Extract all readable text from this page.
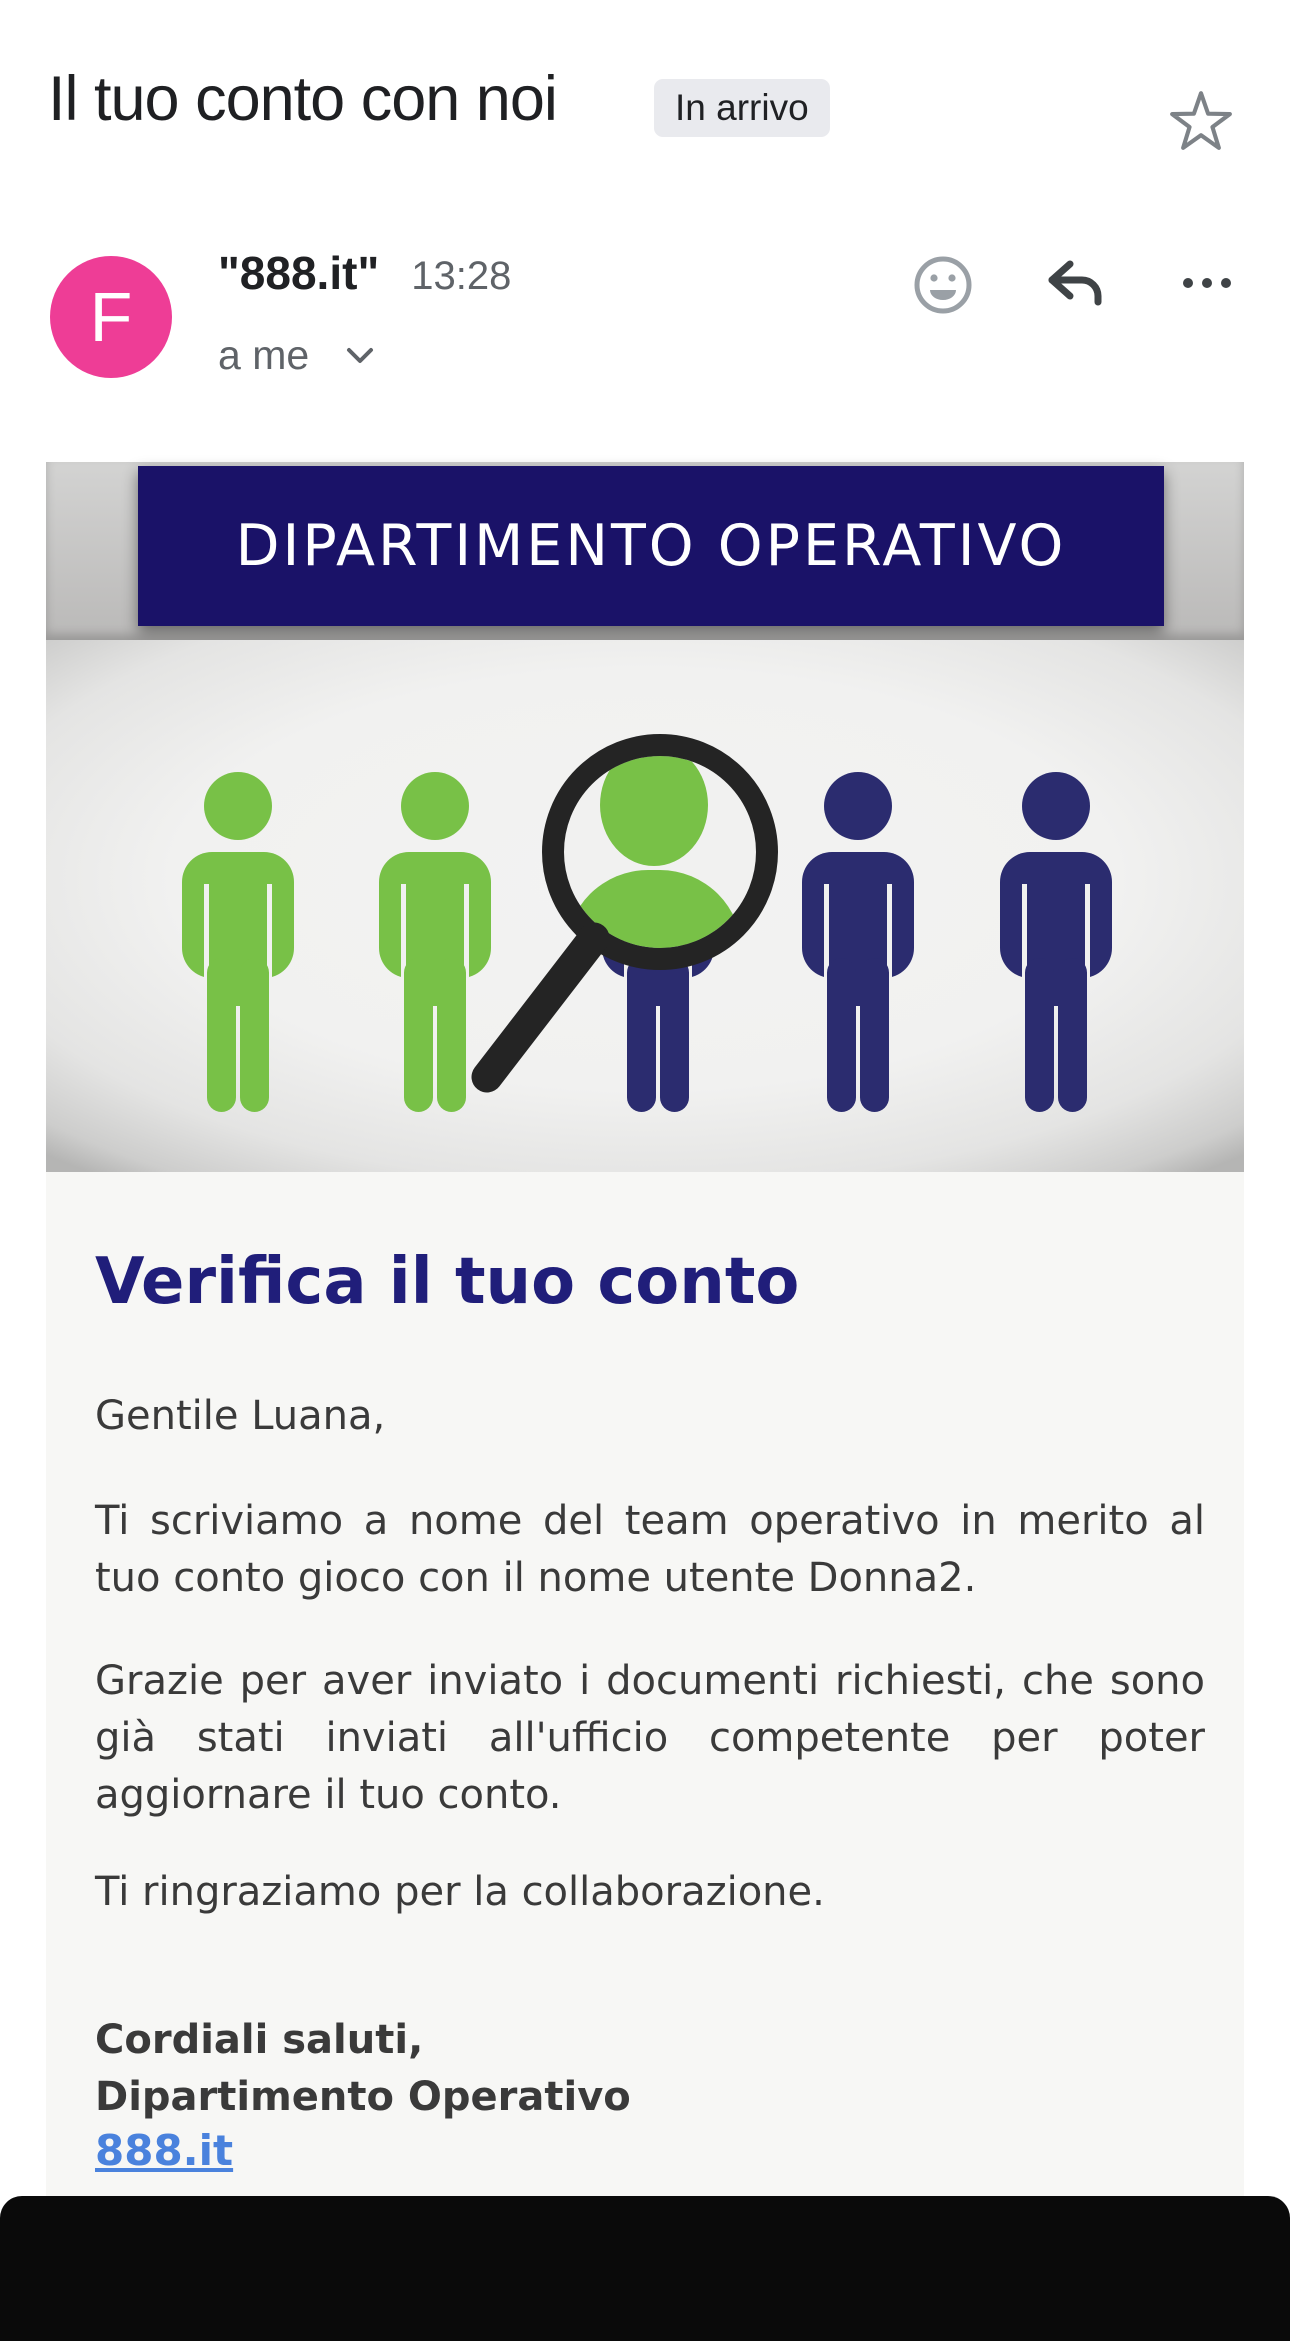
Il tuo conto con noi	In arrivo
F
"888.it" 13:28
a me
DIPARTIMENTO OPERATIVO
Verifica il tuo conto
Gentile Luana,
Ti scriviamo a nome del team operativo in merito al
tuo conto gioco con il nome utente Donna2.
Grazie per aver inviato i documenti richiesti, che sono
già stati inviati all'ufficio competente per poter
aggiornare il tuo conto.
Ti ringraziamo per la collaborazione.
Cordiali saluti,
Dipartimento Operativo
888.it
